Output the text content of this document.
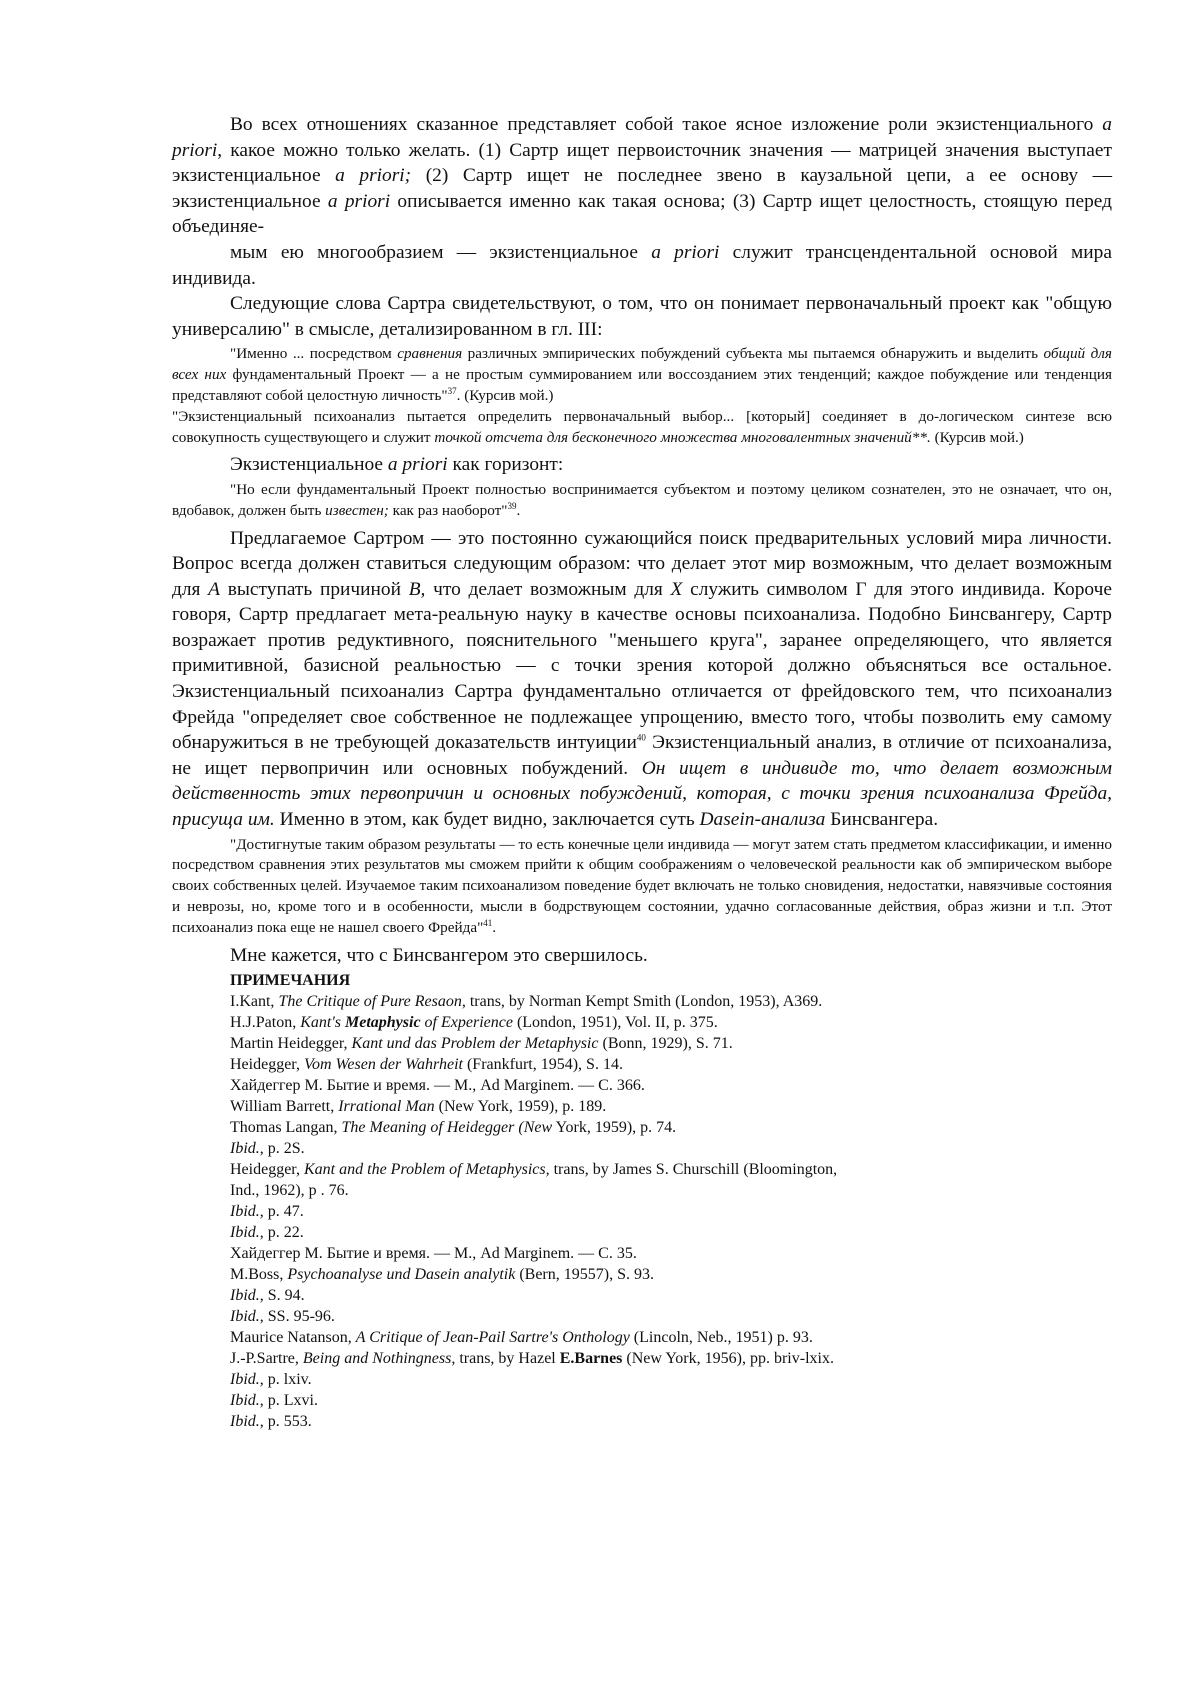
Во всех отношениях сказанное представляет собой такое ясное изложение роли экзистенциального a priori, какое можно только желать. (1) Сартр ищет первоисточник значения — матрицей значения выступает экзистенциальное a priori; (2) Сартр ищет не последнее звено в каузальной цепи, а ее основу — экзистенциальное a priori описывается именно как такая основа; (3) Сартр ищет целостность, стоящую перед объединяе-

мым ею многообразием — экзистенциальное a priori служит трансцендентальной основой мира индивида.

Следующие слова Сартра свидетельствуют, о том, что он понимает первоначальный проект как "общую универсалию" в смысле, детализированном в гл. III:

"Именно ... посредством сравнения различных эмпирических побуждений субъекта мы пытаемся обнаружить и выделить общий для всех них фундаментальный Проект — а не простым суммированием или воссозданием этих тенденций; каждое побуждение или тенденция представляют собой целостную личность"$^{37}$. (Курсив мой.)
"Экзистенциальный психоанализ пытается определить первоначальный выбор... [который] соединяет в до-логическом синтезе всю совокупность существующего и служит точкой отсчета для бесконечного множества многовалентных значений**. (Курсив мой.)

Экзистенциальное a priori как горизонт:

"Но если фундаментальный Проект полностью воспринимается субъектом и поэтому целиком сознателен, это не означает, что он, вдобавок, должен быть известен; как раз наоборот"$^{39}$.

Предлагаемое Сартром — это постоянно сужающийся поиск предварительных условий мира личности. Вопрос всегда должен ставиться следующим образом: что делает этот мир возможным, что делает возможным для А выступать причиной В, что делает возможным для X служить символом Г для этого индивида. Короче говоря, Сартр предлагает мета-реальную науку в качестве основы психоанализа. Подобно Бинсвангеру, Сартр возражает против редуктивного, пояснительного "меньшего круга", заранее определяющего, что является примитивной, базисной реальностью — с точки зрения которой должно объясняться все остальное. Экзистенциальный психоанализ Сартра фундаментально отличается от фрейдовского тем, что психоанализ Фрейда "определяет свое собственное не подлежащее упрощению, вместо того, чтобы позволить ему самому обнаружиться в не требующей доказательств интуиции$^{40}$ Экзистенциальный анализ, в отличие от психоанализа, не ищет первопричин или основных побуждений. Он ищет в индивиде то, что делает возможным действенность этих первопричин и основных побуждений, которая, с точки зрения психоанализа Фрейда, присуща им. Именно в этом, как будет видно, заключается суть Dasein-анализа Бинсвангера.

"Достигнутые таким образом результаты — то есть конечные цели индивида — могут затем стать предметом классификации, и именно посредством сравнения этих результатов мы сможем прийти к общим соображениям о человеческой реальности как об эмпирическом выборе своих собственных целей. Изучаемое таким психоанализом поведение будет включать не только сновидения, недостатки, навязчивые состояния и неврозы, но, кроме того и в особенности, мысли в бодрствующем состоянии, удачно согласованные действия, образ жизни и т.п. Этот психоанализ пока еще не нашел своего Фрейда"$^{41}$.

Мне кажется, что с Бинсвангером это свершилось.

ПРИМЕЧАНИЯ
I.Kant, The Critique of Pure Resaon, trans, by Norman Kempt Smith (London, 1953), A369.
H.J.Paton, Kant's Metaphysic of Experience (London, 1951), Vol. II, p. 375.
Martin Heidegger, Kant und das Problem der Metaphysic (Bonn, 1929), S. 71.
Heidegger, Vom Wesen der Wahrheit (Frankfurt, 1954), S. 14.
Хайдеггер М. Бытие и время. — М., Ad Marginem. — С. 366.
William Barrett, Irrational Man (New York, 1959), p. 189.
Thomas Langan, The Meaning of Heidegger (New York, 1959), p. 74.
Ibid., p. 2S.
Heidegger, Kant and the Problem of Metaphysics, trans, by James S. Churschill (Bloomington, Ind., 1962), p . 76.
Ibid., p. 47.
Ibid., p. 22.
Хайдеггер М. Бытие и время. — М., Ad Marginem. — С. 35.
M.Boss, Psychoanalyse und Dasein analytik (Bern, 19557), S. 93.
Ibid., S. 94.
Ibid., SS. 95-96.
Maurice Natanson, A Critique of Jean-Pail Sartre's Onthology (Lincoln, Neb., 1951) p. 93.
J.-P.Sartre, Being and Nothingness, trans, by Hazel E.Barnes (New York, 1956), pp. briv-lxix.
Ibid., p. lxiv.
Ibid., p. Lxvi.
Ibid., p. 553.
